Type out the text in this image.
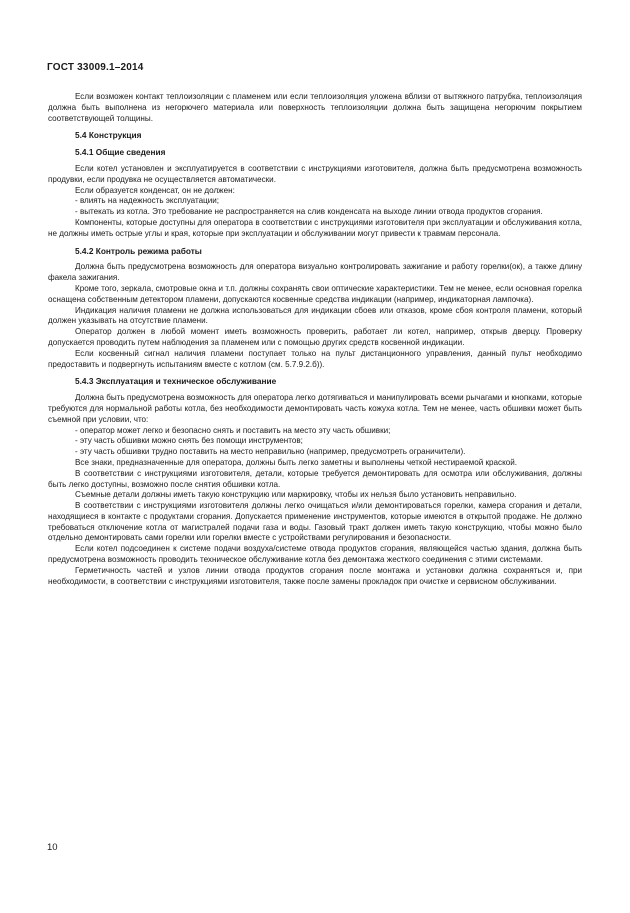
ГОСТ 33009.1–2014

Если возможен контакт теплоизоляции с пламенем или если теплоизоляция уложена вблизи от вытяжного патрубка, теплоизоляция должна быть выполнена из негорючего материала или поверхность теплоизоляции должна быть защищена негорючим покрытием соответствующей толщины.

5.4 Конструкция
5.4.1 Общие сведения

Если котел установлен и эксплуатируется в соответствии с инструкциями изготовителя, должна быть предусмотрена возможность продувки, если продувка не осуществляется автоматически.

Если образуется конденсат, он не должен:

- влиять на надежность эксплуатации;

- вытекать из котла. Это требование не распространяется на слив конденсата на выходе линии отвода продуктов сгорания.

Компоненты, которые доступны для оператора в соответствии с инструкциями изготовителя при эксплуатации и обслуживания котла, не должны иметь острые углы и края, которые при эксплуатации и обслуживании могут привести к травмам персонала.

5.4.2 Контроль режима работы

Должна быть предусмотрена возможность для оператора визуально контролировать зажигание и работу горелки(ок), а также длину факела зажигания.

Кроме того, зеркала, смотровые окна и т.п. должны сохранять свои оптические характеристики. Тем не менее, если основная горелка оснащена собственным детектором пламени, допускаются косвенные средства индикации (например, индикаторная лампочка).

Индикация наличия пламени не должна использоваться для индикации сбоев или отказов, кроме сбоя контроля пламени, который должен указывать на отсутствие пламени.

Оператор должен в любой момент иметь возможность проверить, работает ли котел, например, открыв дверцу. Проверку допускается проводить путем наблюдения за пламенем или с помощью других средств косвенной индикации.

Если косвенный сигнал наличия пламени поступает только на пульт дистанционного управления, данный пульт необходимо предоставить и подвергнуть испытаниям вместе с котлом (см. 5.7.9.2.б)).

5.4.3 Эксплуатация и техническое обслуживание

Должна быть предусмотрена возможность для оператора легко дотягиваться и манипулировать всеми рычагами и кнопками, которые требуются для нормальной работы котла, без необходимости демонтировать часть кожуха котла. Тем не менее, часть обшивки может быть съемной при условии, что:

- оператор может легко и безопасно снять и поставить на место эту часть обшивки;

- эту часть обшивки можно снять без помощи инструментов;

- эту часть обшивки трудно поставить на место неправильно (например, предусмотреть ограничители).

Все знаки, предназначенные для оператора, должны быть легко заметны и выполнены четкой нестираемой краской.

В соответствии с инструкциями изготовителя, детали, которые требуется демонтировать для осмотра или обслуживания, должны быть легко доступны, возможно после снятия обшивки котла.

Съемные детали должны иметь такую конструкцию или маркировку, чтобы их нельзя было установить неправильно.

В соответствии с инструкциями изготовителя должны легко очищаться и/или демонтироваться горелки, камера сгорания и детали, находящиеся в контакте с продуктами сгорания. Допускается применение инструментов, которые имеются в открытой продаже. Не должно требоваться отключение котла от магистралей подачи газа и воды. Газовый тракт должен иметь такую конструкцию, чтобы можно было отдельно демонтировать сами горелки или горелки вместе с устройствами регулирования и безопасности.

Если котел подсоединен к системе подачи воздуха/системе отвода продуктов сгорания, являющейся частью здания, должна быть предусмотрена возможность проводить техническое обслуживание котла без демонтажа жесткого соединения с этими системами.

Герметичность частей и узлов линии отвода продуктов сгорания после монтажа и установки должна сохраняться и, при необходимости, в соответствии с инструкциями изготовителя, также после замены прокладок при очистке и сервисном обслуживании.

10
